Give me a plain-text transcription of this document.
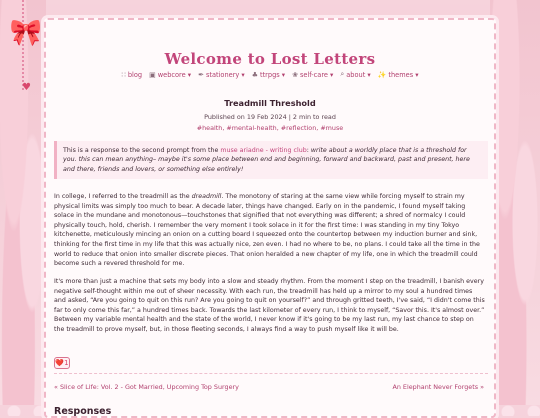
🎀
♥
Welcome to Lost Letters
∷ blog ▣ webcore ▾ ✒ stationery ▾ ♣ ttrpgs ▾ ❀ self-care ▾ ⌕ about ▾ ✨ themes ▾
Treadmill Threshold
Published on 19 Feb 2024 | 2 min to read
#health, #mental-health, #reflection, #muse
This is a response to the second prompt from the muse ariadne - writing club: write about a worldly place that is a threshold for you. this can mean anything– maybe it's some place between end and beginning, forward and backward, past and present, here and there, friends and lovers, or something else entirely!

In college, I referred to the treadmill as the dreadmill. The monotony of staring at the same view while forcing myself to strain my physical limits was simply too much to bear. A decade later, things have changed. Early on in the pandemic, I found myself taking solace in the mundane and monotonous—touchstones that signified that not everything was different; a shred of normalcy I could physically touch, hold, cherish. I remember the very moment I took solace in it for the first time: I was standing in my tiny Tokyo kitchenette, meticulously mincing an onion on a cutting board I squeezed onto the countertop between my induction burner and sink, thinking for the first time in my life that this was actually nice, zen even. I had no where to be, no plans. I could take all the time in the world to reduce that onion into smaller discrete pieces. That onion heralded a new chapter of my life, one in which the treadmill could become such a revered threshold for me.

It's more than just a machine that sets my body into a slow and steady rhythm. From the moment I step on the treadmill, I banish every negative self-thought within me out of sheer necessity. With each run, the treadmill has held up a mirror to my soul a hundred times and asked, “Are you going to quit on this run? Are you going to quit on yourself?” and through gritted teeth, I've said, “I didn't come this far to only come this far,” a hundred times back. Towards the last kilometer of every run, I think to myself, “Savor this. It's almost over.” Between my variable mental health and the state of the world, I never know if it's going to be my last run, my last chance to step on the treadmill to prove myself, but, in those fleeting seconds, I always find a way to push myself like it will be.

❤️1
« Slice of Life: Vol. 2 - Got Married, Upcoming Top Surgery	An Elephant Never Forgets »
Responses
